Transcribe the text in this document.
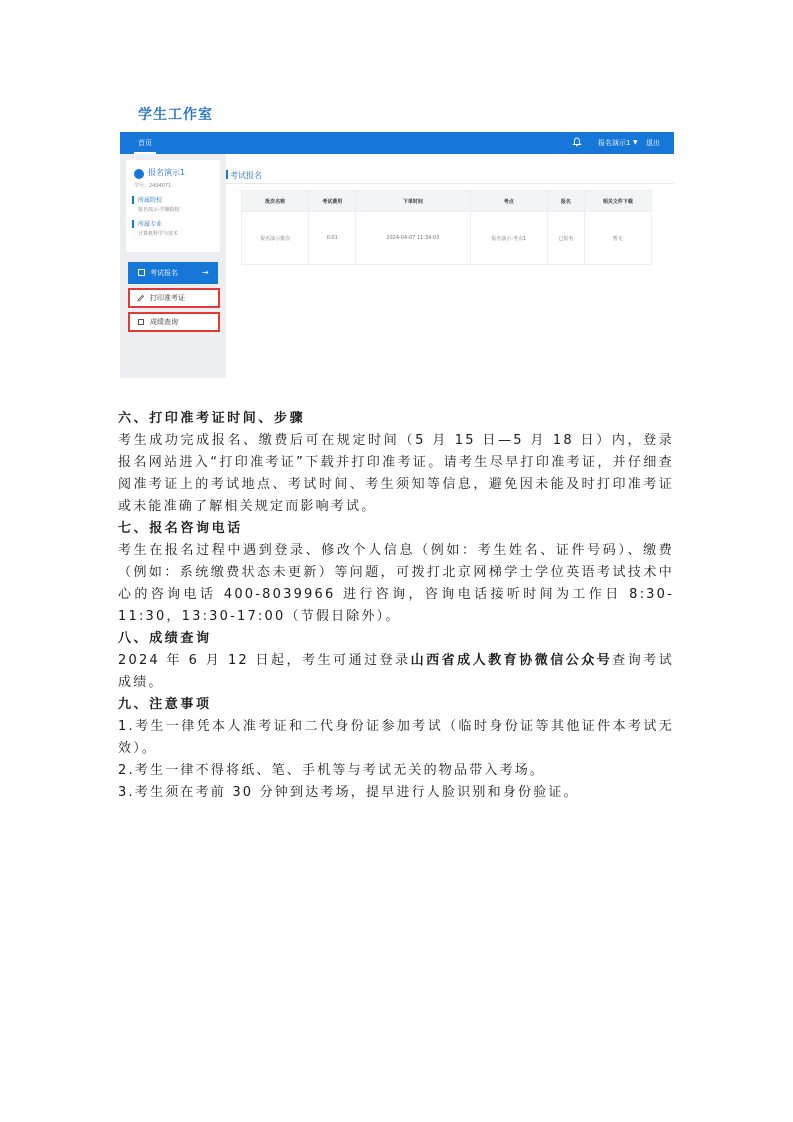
学生工作室
首页	报名演示1 ▼ 退出
报名演示1
学号：2404071
所属院校
报名演示-学籍院校
所属专业
计算机科学与技术
考试报名	→
打印准考证
成绩查询
考试报名
批次名称	考试费用	下单时间	考点	报名	相关文件下载
报名演示批次	0.01	2024-04-07 11:34:03	报名演示-考点1	已报名	暂无

六、打印准考证时间、步骤

考生成功完成报名、缴费后可在规定时间（5 月 15 日—5 月 18 日）内，登录报名网站进入“打印准考证”下载并打印准考证。请考生尽早打印准考证，并仔细查阅准考证上的考试地点、考试时间、考生须知等信息，避免因未能及时打印准考证或未能准确了解相关规定而影响考试。

七、报名咨询电话

考生在报名过程中遇到登录、修改个人信息（例如：考生姓名、证件号码）、缴费（例如：系统缴费状态未更新）等问题，可拨打北京网梯学士学位英语考试技术中心的咨询电话 400-8039966 进行咨询，咨询电话接听时间为工作日 8:30-11:30，13:30-17:00（节假日除外）。

八、成绩查询

2024 年 6 月 12 日起，考生可通过登录山西省成人教育协微信公众号查询考试成绩。

九、注意事项

1.考生一律凭本人准考证和二代身份证参加考试（临时身份证等其他证件本考试无效）。

2.考生一律不得将纸、笔、手机等与考试无关的物品带入考场。

3.考生须在考前 30 分钟到达考场，提早进行人脸识别和身份验证。
